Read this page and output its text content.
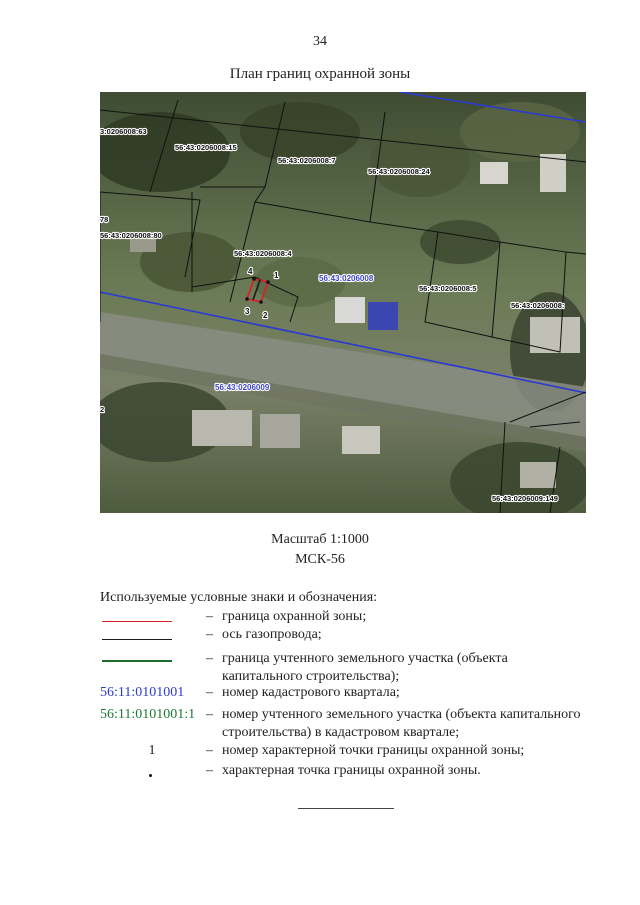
34
План границ охранной зоны
3:0206008:63
56:43:0206008:15
56:43:0206008:7
56:43:0206008:24
78
56:43:0206008:80
56:43:0206008:4
56:43:0206008:5
56:43:0206008:
56:43:0206009:149
56:43:0206008
56:43:0206009
2
1
2
3
4
Масштаб 1:1000
МСК-56
Используемые условные знаки и обозначения:
– граница охранной зоны;
– ось газопровода;
– граница учтенного земельного участка (объекта капитального строительства);
56:11:0101001	– номер кадастрового квартала;
56:11:0101001:1 – номер учтенного земельного участка (объекта капитального строительства) в кадастровом квартале;
1	– номер характерной точки границы охранной зоны;
– характерная точка границы охранной зоны.
